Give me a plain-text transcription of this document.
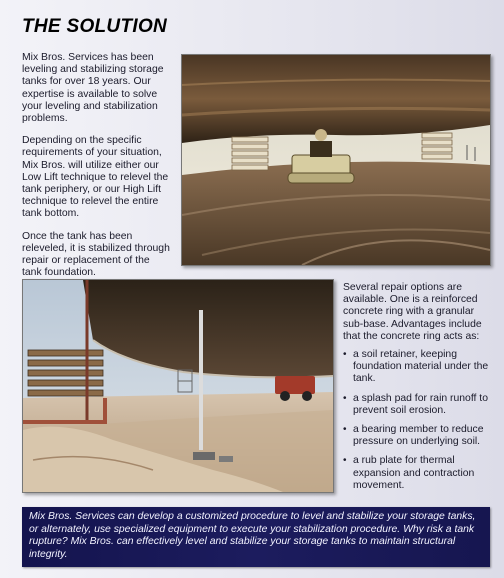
THE SOLUTION

Mix Bros. Services has been leveling and stabilizing storage tanks for over 18 years. Our expertise is available to solve your leveling and stabilization problems.

Depending on the specific requirements of your situation, Mix Bros. will utilize either our Low Lift technique to relevel the tank periphery, or our High Lift technique to relevel the entire tank bottom.

Once the tank has been releveled, it is stabilized through repair or replacement of the tank foundation.

Several repair options are available. One is a reinforced concrete ring with a granular sub-base. Advantages include that the concrete ring acts as:

• a soil retainer, keeping foundation material under the tank.
• a splash pad for rain runoff to prevent soil erosion.
• a bearing member to reduce pressure on underlying soil.
• a rub plate for thermal expansion and contraction movement.
Mix Bros. Services can develop a customized procedure to level and stabilize your storage tanks, or alternately, use specialized equipment to execute your stabilization procedure. Why risk a tank rupture? Mix Bros. can effectively level and stabilize your storage tanks to maintain structural integrity.
